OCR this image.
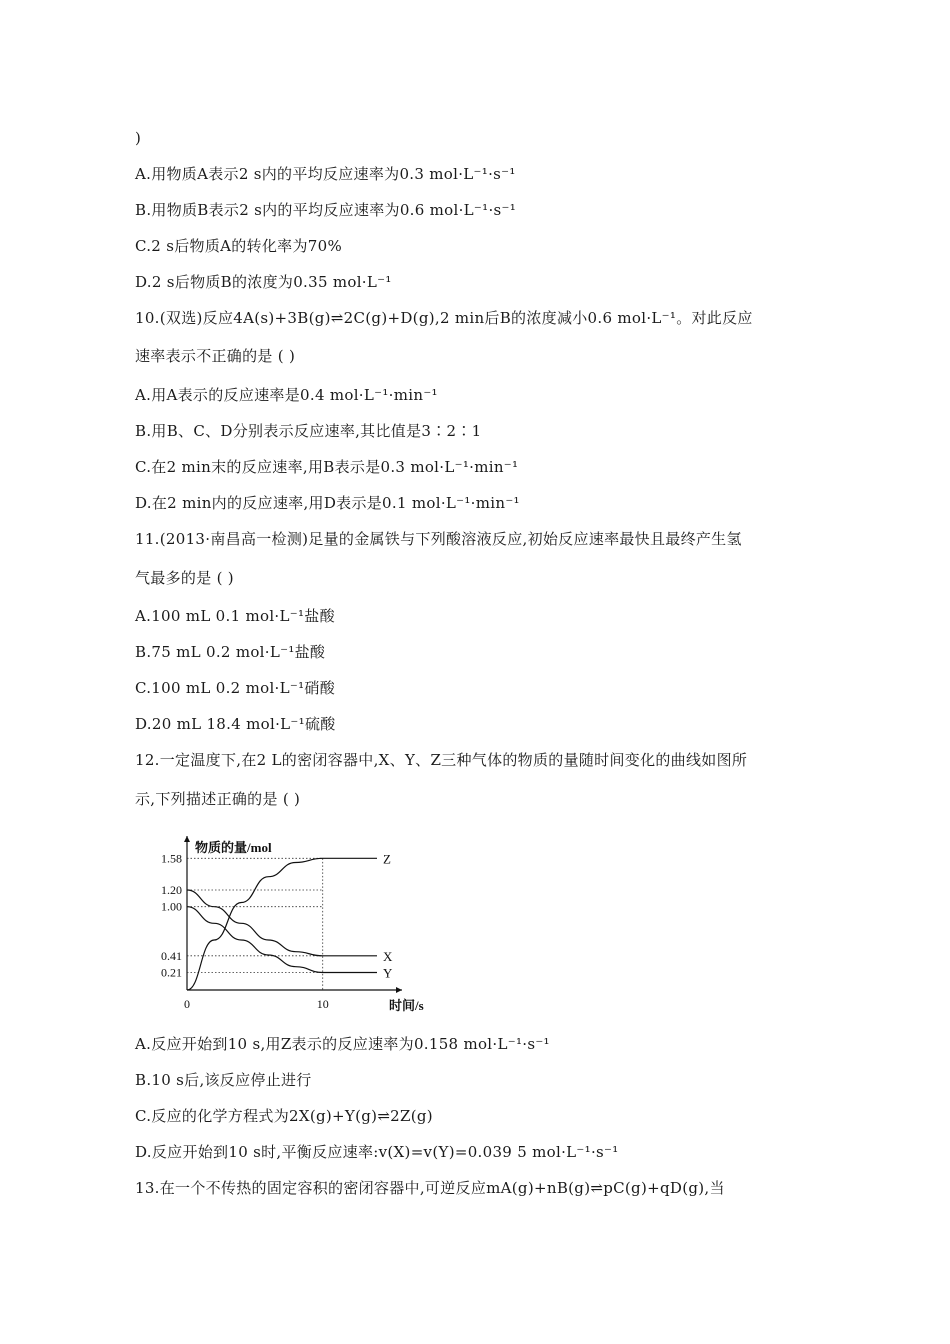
)
A.用物质A表示2 s内的平均反应速率为0.3 mol·L⁻¹·s⁻¹
B.用物质B表示2 s内的平均反应速率为0.6 mol·L⁻¹·s⁻¹
C.2 s后物质A的转化率为70%
D.2 s后物质B的浓度为0.35 mol·L⁻¹
10.(双选)反应4A(s)+3B(g)⇌2C(g)+D(g),2 min后B的浓度减小0.6 mol·L⁻¹。对此反应
速率表示不正确的是 ( )
A.用A表示的反应速率是0.4 mol·L⁻¹·min⁻¹
B.用B、C、D分别表示反应速率,其比值是3∶2∶1
C.在2 min末的反应速率,用B表示是0.3 mol·L⁻¹·min⁻¹
D.在2 min内的反应速率,用D表示是0.1 mol·L⁻¹·min⁻¹
11.(2013·南昌高一检测)足量的金属铁与下列酸溶液反应,初始反应速率最快且最终产生氢
气最多的是 ( )
A.100 mL 0.1 mol·L⁻¹盐酸
B.75 mL 0.2 mol·L⁻¹盐酸
C.100 mL 0.2 mol·L⁻¹硝酸
D.20 mL 18.4 mol·L⁻¹硫酸
12.一定温度下,在2 L的密闭容器中,X、Y、Z三种气体的物质的量随时间变化的曲线如图所
示,下列描述正确的是 ( )
物质的量/mol
时间/s
1.58
1.20
1.00
0.41
0.21
0	10
Z
X
Y
A.反应开始到10 s,用Z表示的反应速率为0.158 mol·L⁻¹·s⁻¹
B.10 s后,该反应停止进行
C.反应的化学方程式为2X(g)+Y(g)⇌2Z(g)
D.反应开始到10 s时,平衡反应速率:v(X)=v(Y)=0.039 5 mol·L⁻¹·s⁻¹
13.在一个不传热的固定容积的密闭容器中,可逆反应mA(g)+nB(g)⇌pC(g)+qD(g),当
